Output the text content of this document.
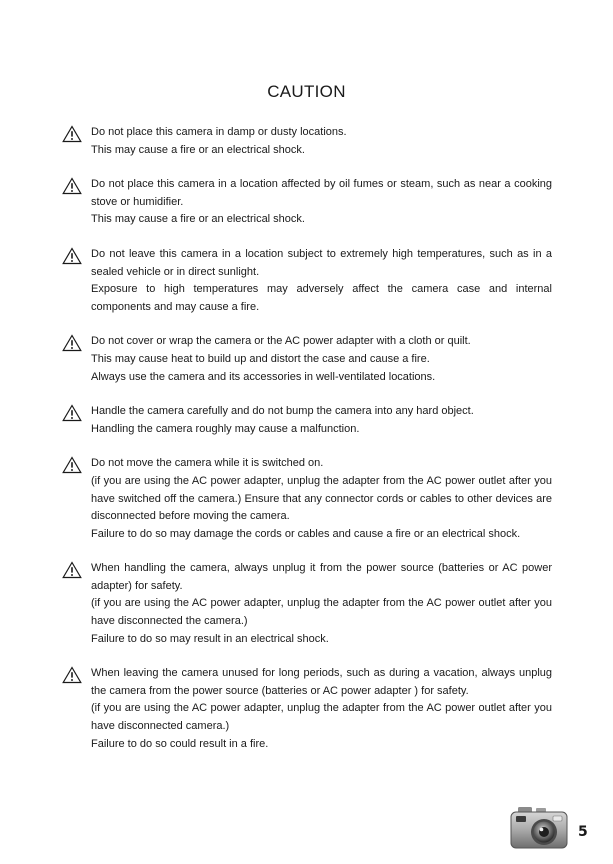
CAUTION

Do not place this camera in damp or dusty locations.

This may cause a fire or an electrical shock.

Do not place this camera in a location affected by oil fumes or steam, such as near a cooking stove or humidifier.

This may cause a fire or an electrical shock.

Do not leave this camera in a location subject to extremely high temperatures, such as in a sealed vehicle or in direct sunlight.

Exposure to high temperatures may adversely affect the camera case and internal components and may cause a fire.

Do not cover or wrap the camera or the AC power adapter with a cloth or quilt.

This may cause heat to build up and distort the case and cause a fire.

Always use the camera and its accessories in well-ventilated locations.

Handle the camera carefully and do not bump the camera into any hard object.

Handling the camera roughly may cause a malfunction.

Do not move the camera while it is switched on.

(if you are using the AC power adapter, unplug the adapter from the AC power outlet after you have switched off the camera.) Ensure that any connector cords or cables to other devices are disconnected before moving the camera.

Failure to do so may damage the cords or cables and cause a fire or an electrical shock.

When handling the camera, always unplug it from the power source (batteries or AC power adapter) for safety.

(if you are using the AC power adapter, unplug the adapter from the AC power outlet after you have disconnected the camera.)

Failure to do so may result in an electrical shock.

When leaving the camera unused for long periods, such as during a vacation, always unplug the camera from the power source (batteries or AC power adapter ) for safety.

(if you are using the AC power adapter, unplug the adapter from the AC power outlet after you have disconnected camera.)

Failure to do so could result in a fire.

5
